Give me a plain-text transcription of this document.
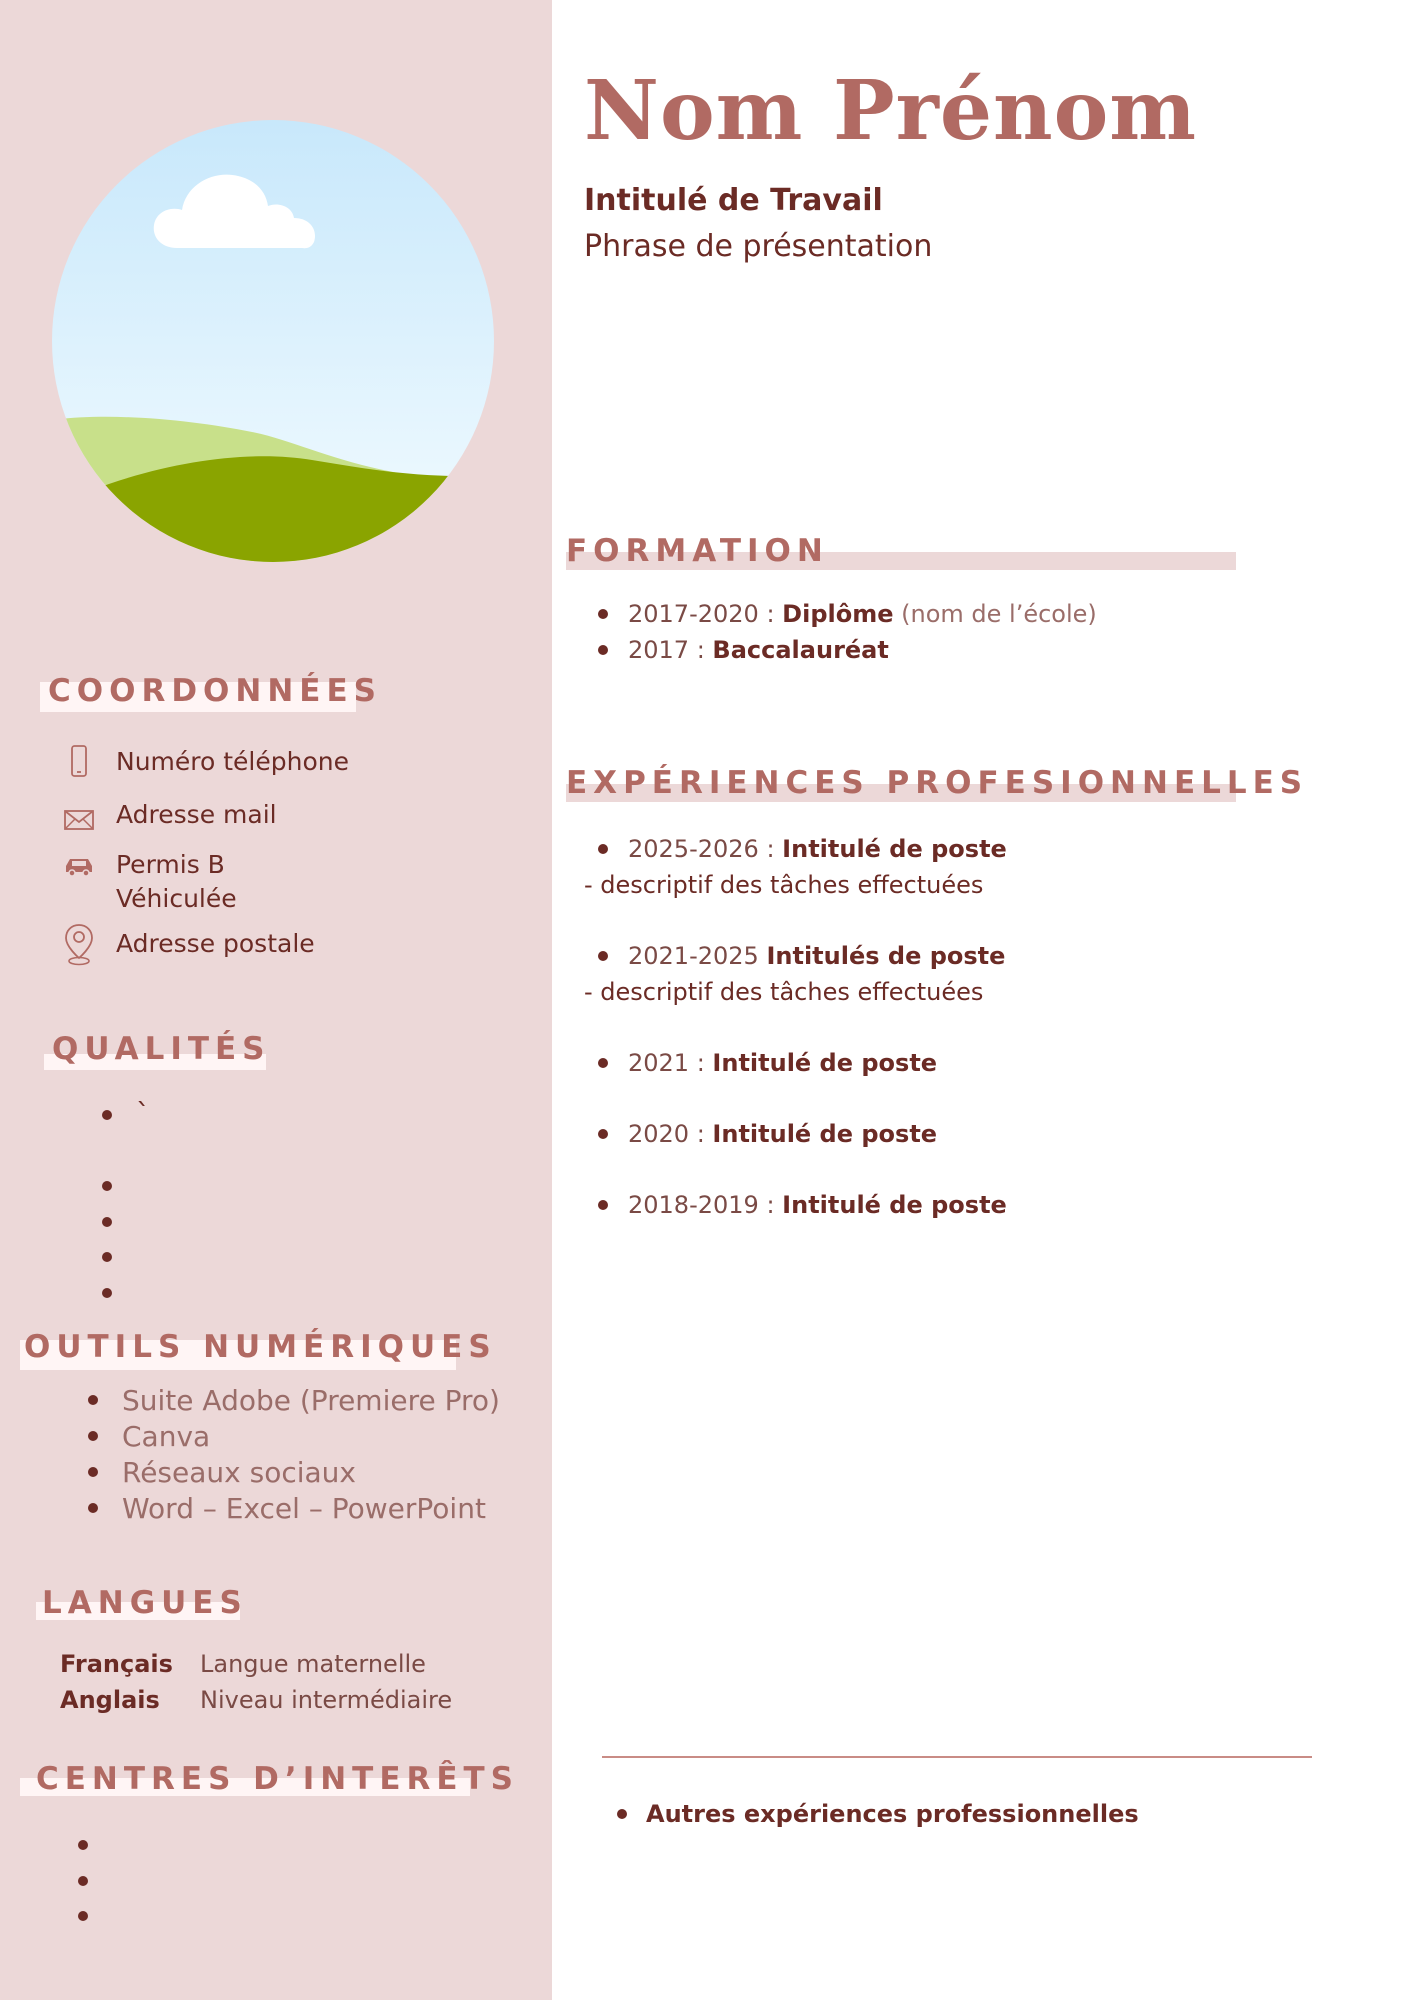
COORDONNÉES
Numéro téléphone
Adresse mail
Permis B
Véhiculée
Adresse postale
QUALITÉS
`
OUTILS NUMÉRIQUES
Suite Adobe (Premiere Pro)
Canva
Réseaux sociaux
Word – Excel – PowerPoint
LANGUES
Français Langue maternelle
Anglais Niveau intermédiaire
CENTRES D’INTERÊTS
Nom Prénom
Intitulé de Travail
Phrase de présentation
FORMATION
2017-2020 : Diplôme (nom de l’école)
2017 : Baccalauréat
EXPÉRIENCES PROFESIONNELLES
2025-2026 : Intitulé de poste
- descriptif des tâches effectuées
2021-2025 Intitulés de poste
- descriptif des tâches effectuées
2021 : Intitulé de poste
2020 : Intitulé de poste
2018-2019 : Intitulé de poste
Autres expériences professionnelles
